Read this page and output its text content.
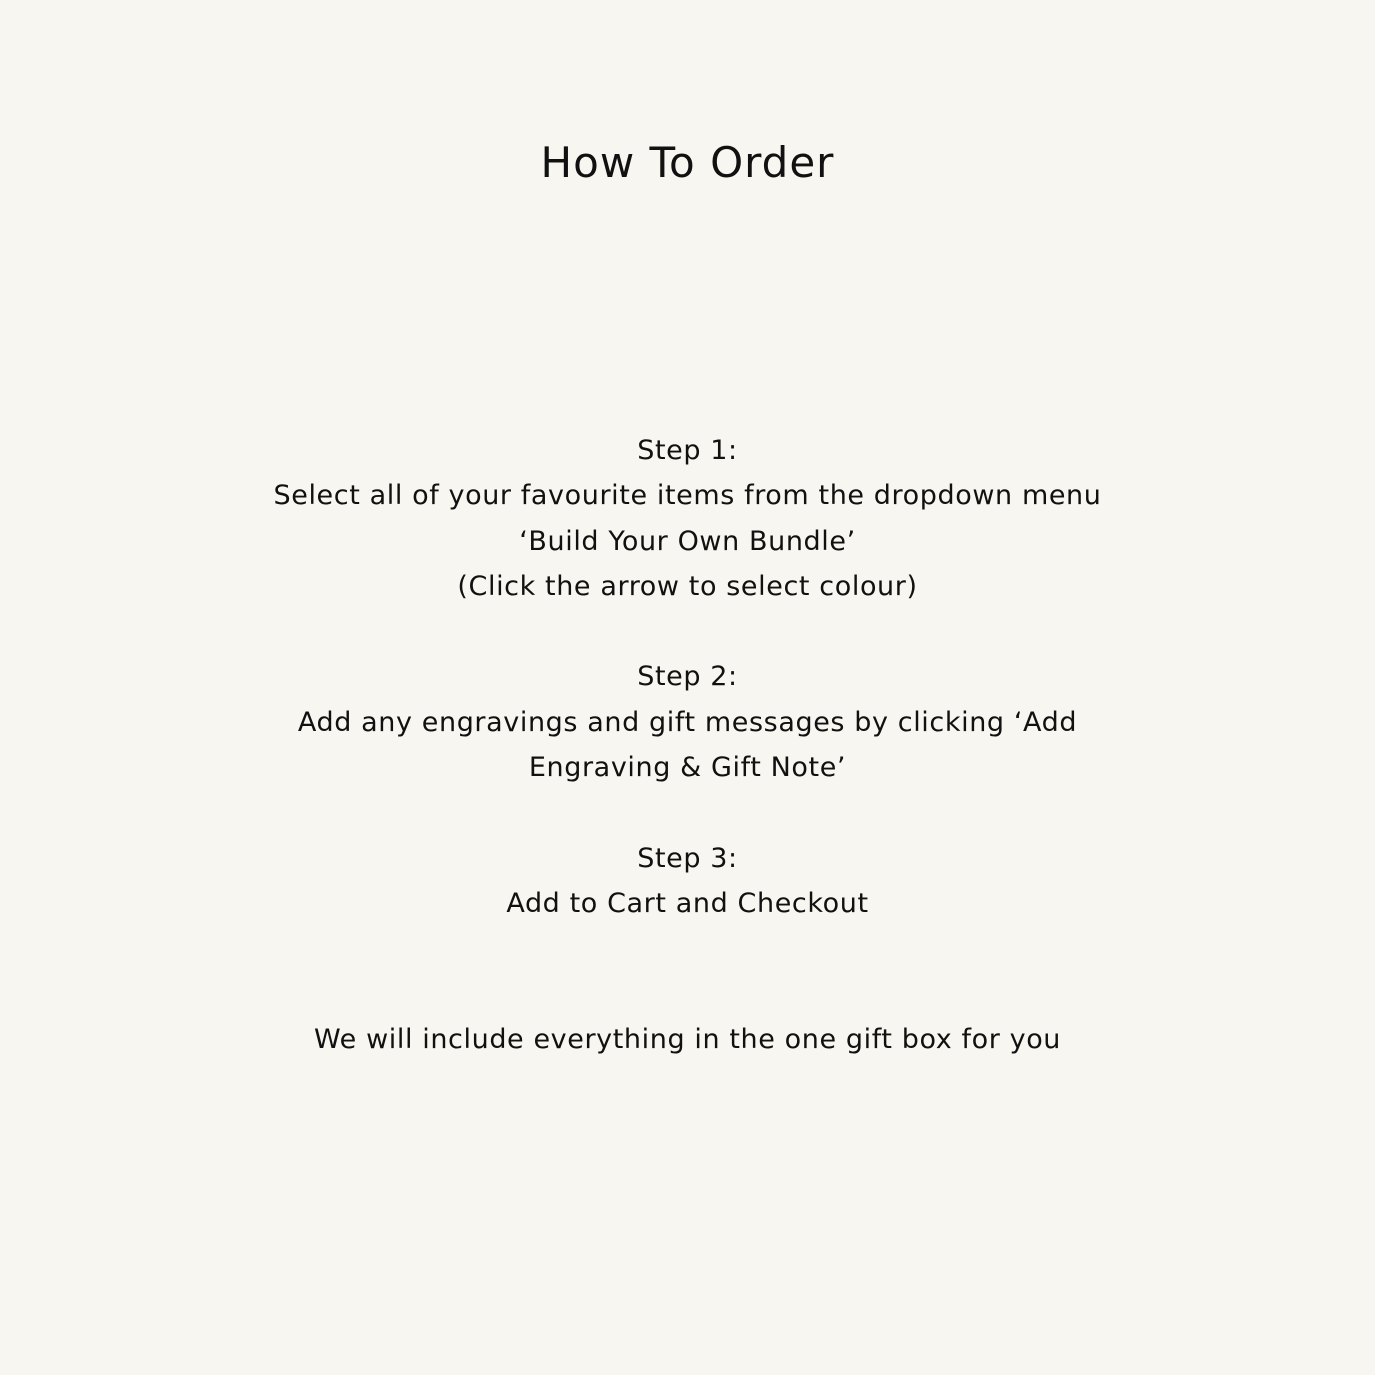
How To Order
Step 1:
Select all of your favourite items from the dropdown menu
‘Build Your Own Bundle’
(Click the arrow to select colour)
Step 2:
Add any engravings and gift messages by clicking ‘Add
Engraving & Gift Note’
Step 3:
Add to Cart and Checkout
We will include everything in the one gift box for you
